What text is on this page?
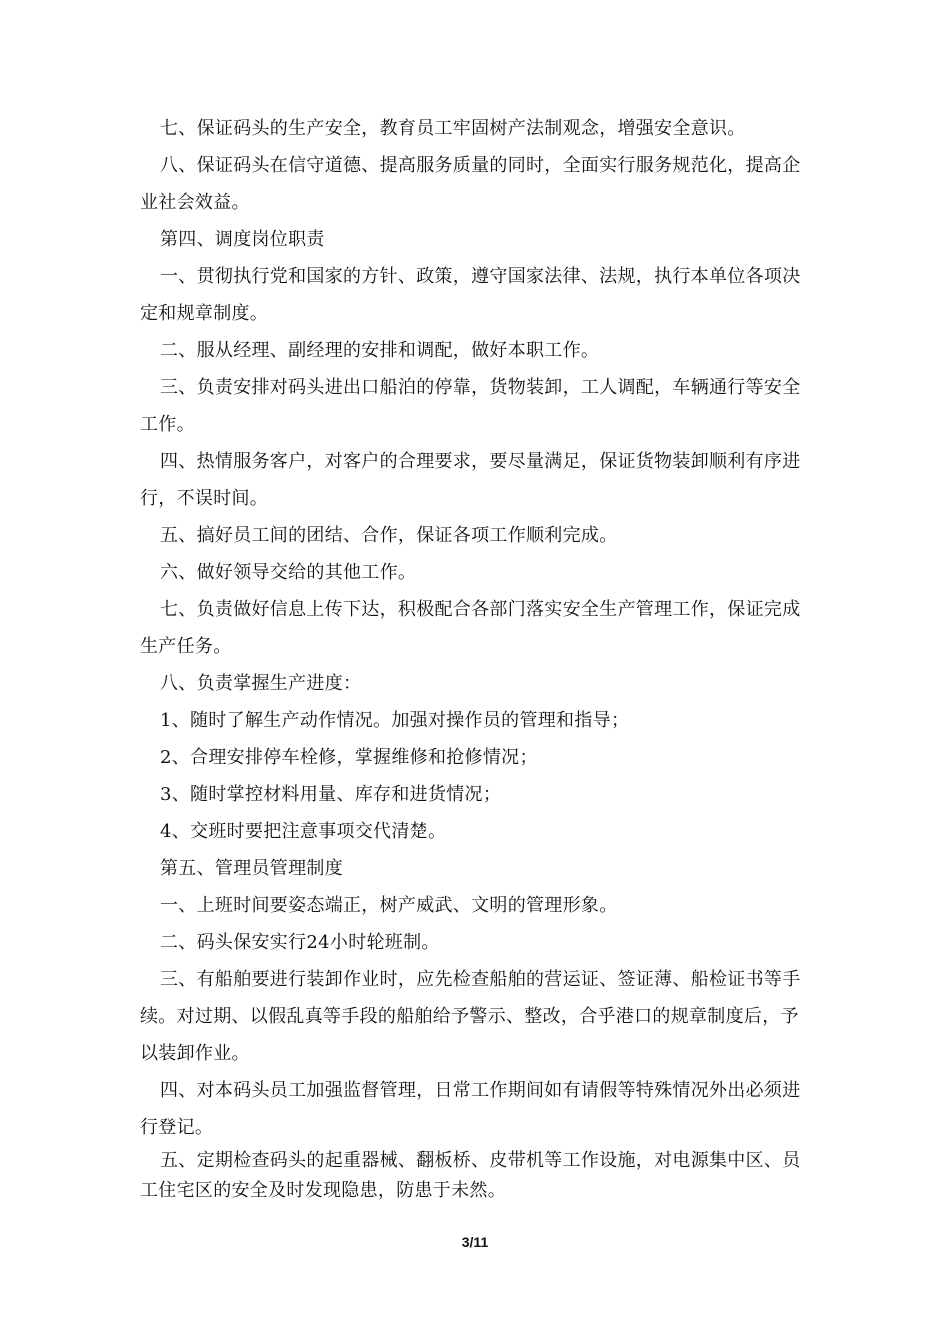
七、保证码头的生产安全，教育员工牢固树产法制观念，增强安全意识。

八、保证码头在信守道德、提高服务质量的同时，全面实行服务规范化，提高企业社会效益。

第四、调度岗位职责

一、贯彻执行党和国家的方针、政策，遵守国家法律、法规，执行本单位各项决定和规章制度。

二、服从经理、副经理的安排和调配，做好本职工作。

三、负责安排对码头进出口船泊的停靠，货物装卸，工人调配，车辆通行等安全工作。

四、热情服务客户，对客户的合理要求，要尽量满足，保证货物装卸顺利有序进行，不误时间。

五、搞好员工间的团结、合作，保证各项工作顺利完成。

六、做好领导交给的其他工作。

七、负责做好信息上传下达，积极配合各部门落实安全生产管理工作，保证完成生产任务。

八、负责掌握生产进度：

1、随时了解生产动作情况。加强对操作员的管理和指导；

2、合理安排停车栓修，掌握维修和抢修情况；

3、随时掌控材料用量、库存和进货情况；

4、交班时要把注意事项交代清楚。

第五、管理员管理制度

一、上班时间要姿态端正，树产威武、文明的管理形象。

二、码头保安实行24小时轮班制。

三、有船舶要进行装卸作业时，应先检查船舶的营运证、签证薄、船检证书等手续。对过期、以假乱真等手段的船舶给予警示、整改，合乎港口的规章制度后，予以装卸作业。

四、对本码头员工加强监督管理，日常工作期间如有请假等特殊情况外出必须进行登记。

五、定期检查码头的起重器械、翻板桥、皮带机等工作设施，对电源集中区、员工住宅区的安全及时发现隐患，防患于未然。

3/11
